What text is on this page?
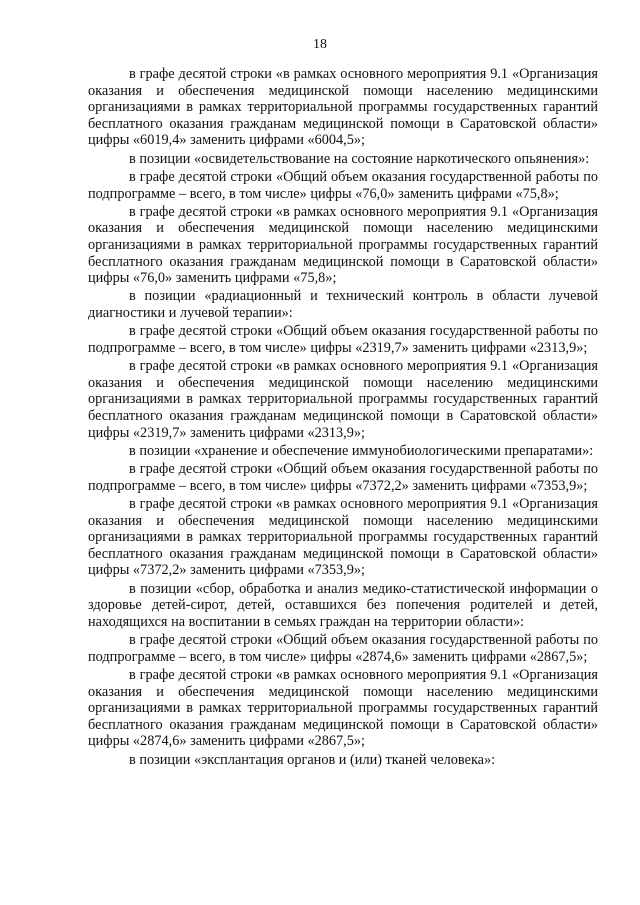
18

в графе десятой строки «в рамках основного мероприятия 9.1 «Организация оказания и обеспечения медицинской помощи населению медицинскими организациями в рамках территориальной программы государственных гарантий бесплатного оказания гражданам медицинской помощи в Саратовской области» цифры «6019,4» заменить цифрами «6004,5»;

в позиции «освидетельствование на состояние наркотического опьянения»:

в графе десятой строки «Общий объем оказания государственной работы по подпрограмме – всего, в том числе» цифры «76,0» заменить цифрами «75,8»;

в графе десятой строки «в рамках основного мероприятия 9.1 «Организация оказания и обеспечения медицинской помощи населению медицинскими организациями в рамках территориальной программы государственных гарантий бесплатного оказания гражданам медицинской помощи в Саратовской области» цифры «76,0» заменить цифрами «75,8»;

в позиции «радиационный и технический контроль в области лучевой диагностики и лучевой терапии»:

в графе десятой строки «Общий объем оказания государственной работы по подпрограмме – всего, в том числе» цифры «2319,7» заменить цифрами «2313,9»;

в графе десятой строки «в рамках основного мероприятия 9.1 «Организация оказания и обеспечения медицинской помощи населению медицинскими организациями в рамках территориальной программы государственных гарантий бесплатного оказания гражданам медицинской помощи в Саратовской области» цифры «2319,7» заменить цифрами «2313,9»;

в позиции «хранение и обеспечение иммунобиологическими препаратами»:

в графе десятой строки «Общий объем оказания государственной работы по подпрограмме – всего, в том числе» цифры «7372,2» заменить цифрами «7353,9»;

в графе десятой строки «в рамках основного мероприятия 9.1 «Организация оказания и обеспечения медицинской помощи населению медицинскими организациями в рамках территориальной программы государственных гарантий бесплатного оказания гражданам медицинской помощи в Саратовской области» цифры «7372,2» заменить цифрами «7353,9»;

в позиции «сбор, обработка и анализ медико-статистической информации о здоровье детей-сирот, детей, оставшихся без попечения родителей и детей, находящихся на воспитании в семьях граждан на территории области»:

в графе десятой строки «Общий объем оказания государственной работы по подпрограмме – всего, в том числе» цифры «2874,6» заменить цифрами «2867,5»;

в графе десятой строки «в рамках основного мероприятия 9.1 «Организация оказания и обеспечения медицинской помощи населению медицинскими организациями в рамках территориальной программы государственных гарантий бесплатного оказания гражданам медицинской помощи в Саратовской области» цифры «2874,6» заменить цифрами «2867,5»;

в позиции «эксплантация органов и (или) тканей человека»:
